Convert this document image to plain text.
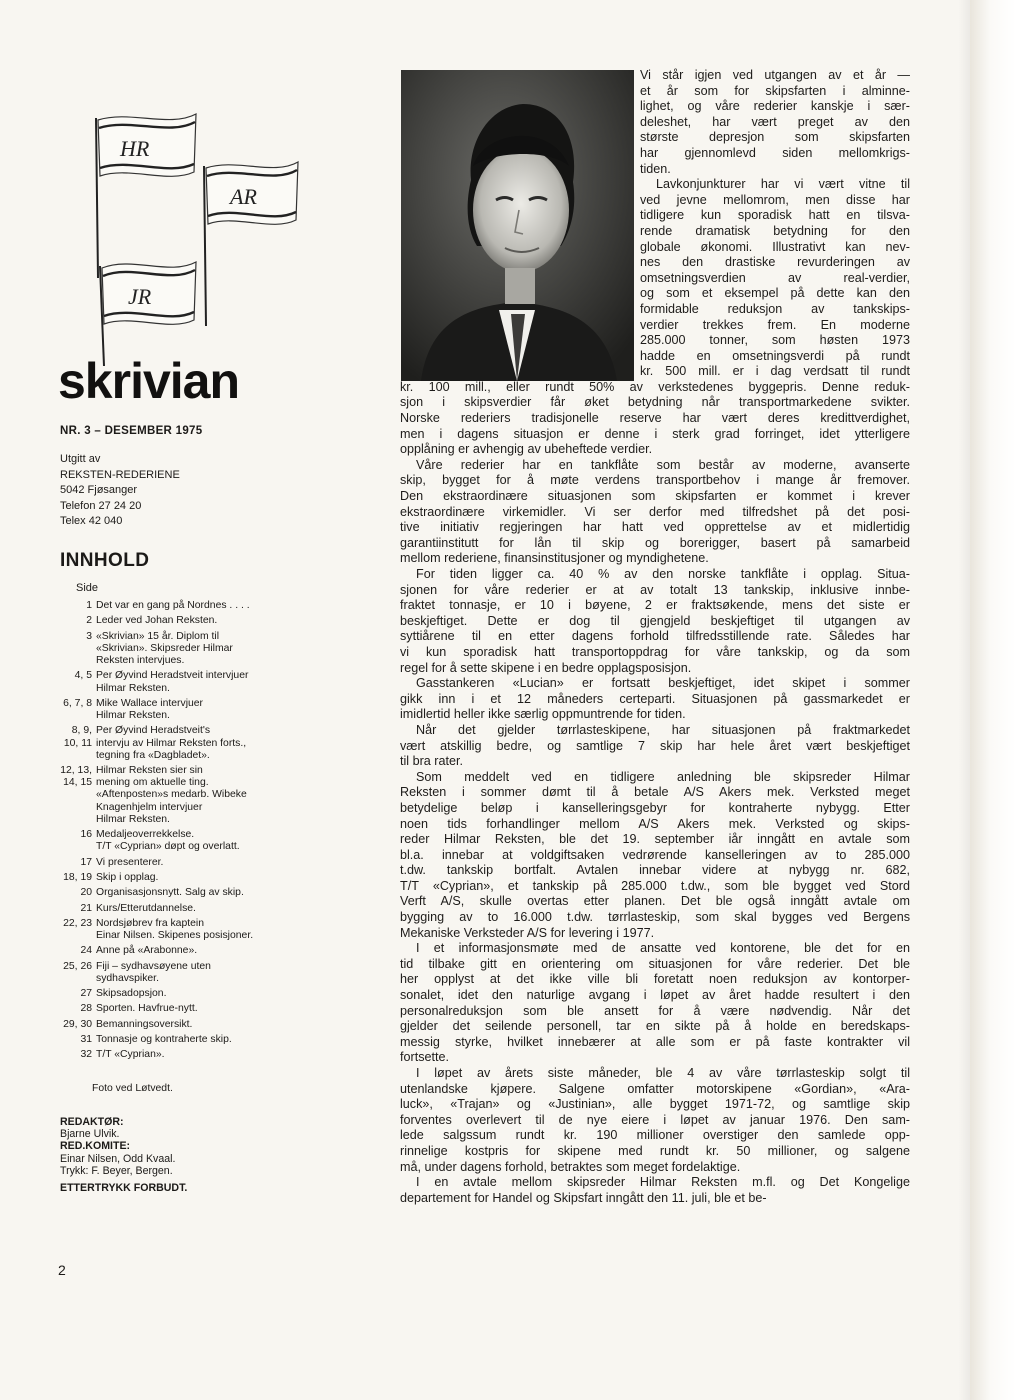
HR
AR
JR
skrivian
NR. 3 – DESEMBER 1975
Utgitt av
REKSTEN-REDERIENE
5042 Fjøsanger
Telefon 27 24 20
Telex 42 040
INNHOLD
Side
1 Det var en gang på Nordnes . . . .
2 Leder ved Johan Reksten.
3 «Skrivian» 15 år. Diplom til
«Skrivian». Skipsreder Hilmar
Reksten intervjues.
4, 5 Per Øyvind Heradstveit intervjuer
Hilmar Reksten.
6, 7, 8 Mike Wallace intervjuer
Hilmar Reksten.
8, 9, 10, 11
Per Øyvind Heradstveit's
intervju av Hilmar Reksten forts.,
tegning fra «Dagbladet».
12, 13, 14, 15
Hilmar Reksten sier sin
mening om aktuelle ting.
«Aftenposten»s medarb. Wibeke
Knagenhjelm intervjuer
Hilmar Reksten.
16 Medaljeoverrekkelse.
T/T «Cyprian» døpt og overlatt.
17 Vi presenterer.
18, 19 Skip i opplag.
20 Organisasjonsnytt. Salg av skip.
21 Kurs/Etterutdannelse.
22, 23 Nordsjøbrev fra kaptein
Einar Nilsen. Skipenes posisjoner.
24 Anne på «Arabonne».
25, 26 Fiji – sydhavsøyene uten
sydhavspiker.
27 Skipsadopsjon.
28 Sporten. Havfrue-nytt.
29, 30 Bemanningsoversikt.
31 Tonnasje og kontraherte skip.
32 T/T «Cyprian».
Foto ved Løtvedt.
REDAKTØR:
Bjarne Ulvik.
RED.KOMITE:
Einar Nilsen, Odd Kvaal.
Trykk: F. Beyer, Bergen.
ETTERTRYKK FORBUDT.
2
Vi står igjen ved utgangen av et år —
et år som for skipsfarten i alminne-
lighet, og våre rederier kanskje i sær-
deleshet, har vært preget av den
største depresjon som skipsfarten
har gjennomlevd siden mellomkrigs-
tiden.
Lavkonjunkturer har vi vært vitne til
ved jevne mellomrom, men disse har
tidligere kun sporadisk hatt en tilsva-
rende dramatisk betydning for den
globale økonomi. Illustrativt kan nev-
nes den drastiske revurderingen av
omsetningsverdien av real-verdier,
og som et eksempel på dette kan den
formidable reduksjon av tankskips-
verdier trekkes frem. En moderne
285.000 tonner, som høsten 1973
hadde en omsetningsverdi på rundt
kr. 500 mill. er i dag verdsatt til rundt
kr. 100 mill., eller rundt 50% av verkstedenes byggepris. Denne reduk-
sjon i skipsverdier får øket betydning når transportmarkedene svikter.
Norske rederiers tradisjonelle reserve har vært deres kredittverdighet,
men i dagens situasjon er denne i sterk grad forringet, idet ytterligere
opplåning er avhengig av ubeheftede verdier.
Våre rederier har en tankflåte som består av moderne, avanserte
skip, bygget for å møte verdens transportbehov i mange år fremover.
Den ekstraordinære situasjonen som skipsfarten er kommet i krever
ekstraordinære virkemidler. Vi ser derfor med tilfredshet på det posi-
tive initiativ regjeringen har hatt ved opprettelse av et midlertidig
garantiinstitutt for lån til skip og borerigger, basert på samarbeid
mellom rederiene, finansinstitusjoner og myndighetene.
For tiden ligger ca. 40 % av den norske tankflåte i opplag. Situa-
sjonen for våre rederier er at av totalt 13 tankskip, inklusive innbe-
fraktet tonnasje, er 10 i bøyene, 2 er fraktsøkende, mens det siste er
beskjeftiget. Dette er dog til gjengjeld beskjeftiget til utgangen av
syttiårene til en etter dagens forhold tilfredsstillende rate. Således har
vi kun sporadisk hatt transportoppdrag for våre tankskip, og da som
regel for å sette skipene i en bedre opplagsposisjon.
Gasstankeren «Lucian» er fortsatt beskjeftiget, idet skipet i sommer
gikk inn i et 12 måneders certeparti. Situasjonen på gassmarkedet er
imidlertid heller ikke særlig oppmuntrende for tiden.
Når det gjelder tørrlasteskipene, har situasjonen på fraktmarkedet
vært atskillig bedre, og samtlige 7 skip har hele året vært beskjeftiget
til bra rater.
Som meddelt ved en tidligere anledning ble skipsreder Hilmar
Reksten i sommer dømt til å betale A/S Akers mek. Verksted meget
betydelige beløp i kanselleringsgebyr for kontraherte nybygg. Etter
noen tids forhandlinger mellom A/S Akers mek. Verksted og skips-
reder Hilmar Reksten, ble det 19. september iår inngått en avtale som
bl.a. innebar at voldgiftsaken vedrørende kanselleringen av to 285.000
t.dw. tankskip bortfalt. Avtalen innebar videre at nybygg nr. 682,
T/T «Cyprian», et tankskip på 285.000 t.dw., som ble bygget ved Stord
Verft A/S, skulle overtas etter planen. Det ble også inngått avtale om
bygging av to 16.000 t.dw. tørrlasteskip, som skal bygges ved Bergens
Mekaniske Verksteder A/S for levering i 1977.
I et informasjonsmøte med de ansatte ved kontorene, ble det for en
tid tilbake gitt en orientering om situasjonen for våre rederier. Det ble
her opplyst at det ikke ville bli foretatt noen reduksjon av kontorper-
sonalet, idet den naturlige avgang i løpet av året hadde resultert i den
personalreduksjon som ble ansett for å være nødvendig. Når det
gjelder det seilende personell, tar en sikte på å holde en beredskaps-
messig styrke, hvilket innebærer at alle som er på faste kontrakter vil
fortsette.
I løpet av årets siste måneder, ble 4 av våre tørrlasteskip solgt til
utenlandske kjøpere. Salgene omfatter motorskipene «Gordian», «Ara-
luck», «Trajan» og «Justinian», alle bygget 1971-72, og samtlige skip
forventes overlevert til de nye eiere i løpet av januar 1976. Den sam-
lede salgssum rundt kr. 190 millioner overstiger den samlede opp-
rinnelige kostpris for skipene med rundt kr. 50 millioner, og salgene
må, under dagens forhold, betraktes som meget fordelaktige.
I en avtale mellom skipsreder Hilmar Reksten m.fl. og Det Kongelige
departement for Handel og Skipsfart inngått den 11. juli, ble et be-
